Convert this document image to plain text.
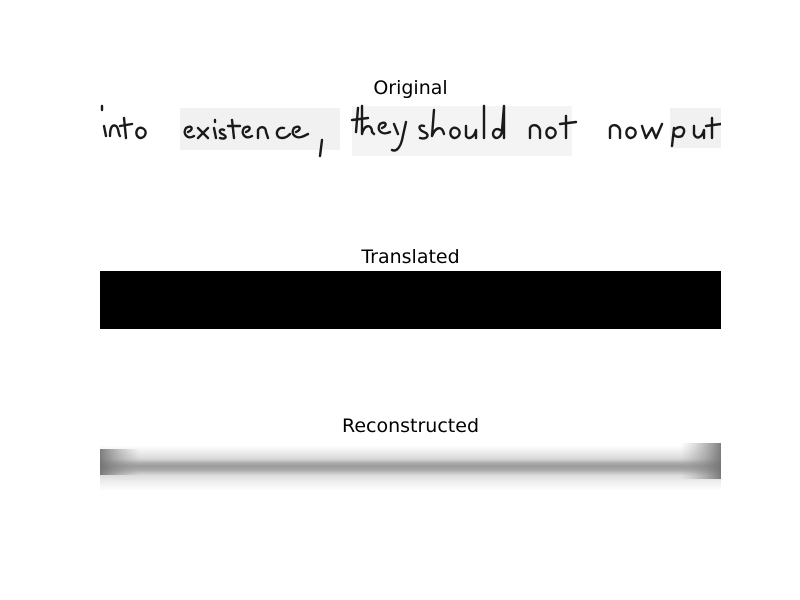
Original
Translated
Reconstructed
